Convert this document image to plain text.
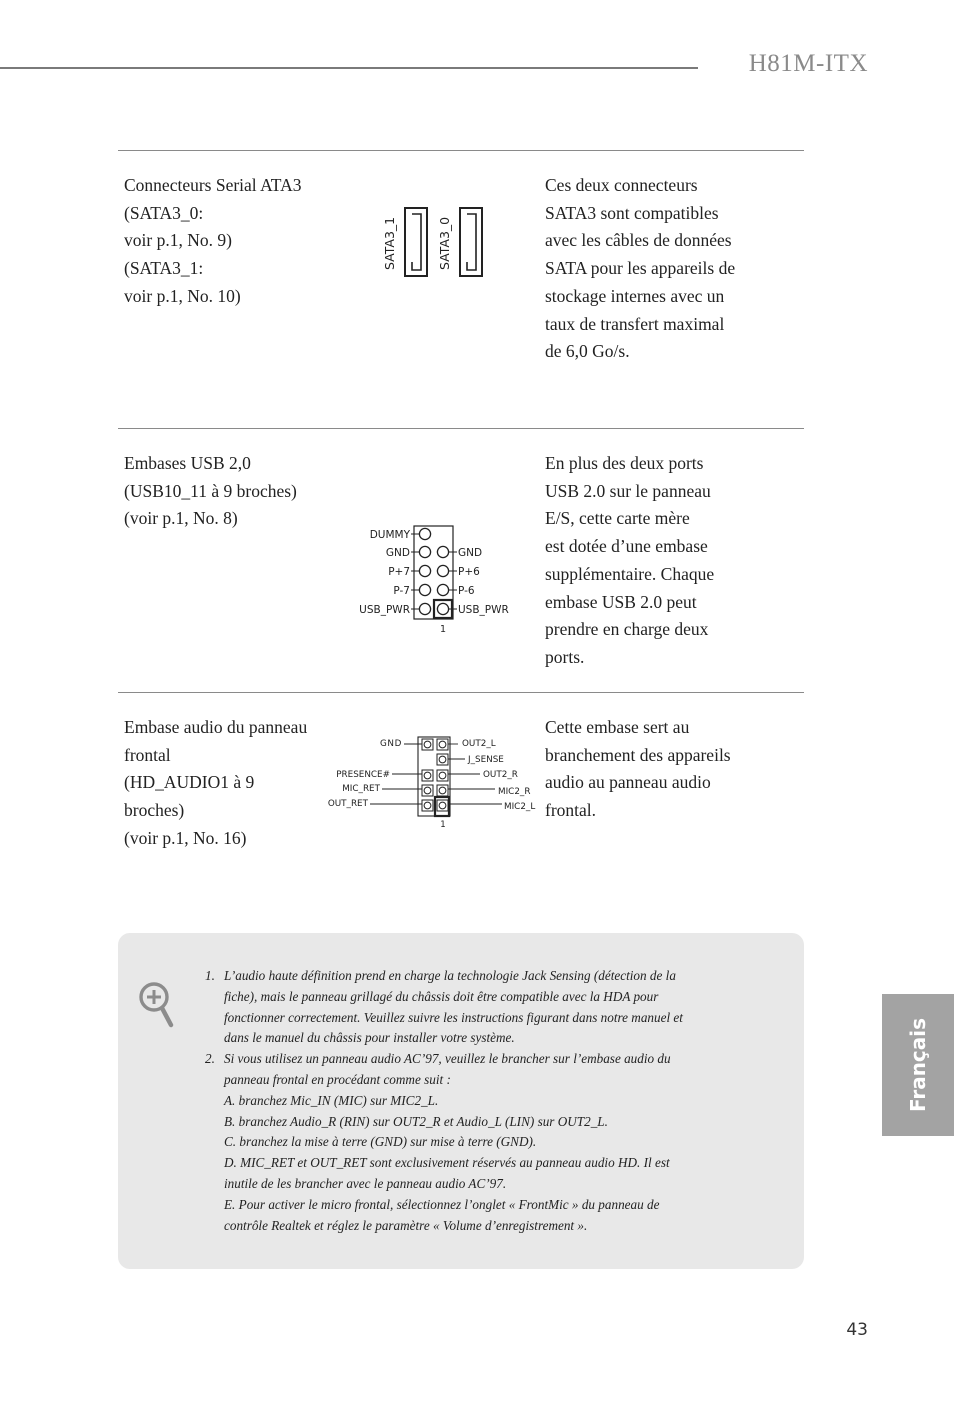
H81M-ITX
Connecteurs Serial ATA3
(SATA3_0:
voir p.1, No. 9)
(SATA3_1:
voir p.1, No. 10)
Ces deux connecteurs
SATA3 sont compatibles
avec les câbles de données
SATA pour les appareils de
stockage internes avec un
taux de transfert maximal
de 6,0 Go/s.
SATA3_1	SATA3_0
Embases USB 2,0
(USB10_11 à 9 broches)
(voir p.1, No. 8)
En plus des deux ports
USB 2.0 sur le panneau
E/S, cette carte mère
est dotée d’une embase
supplémentaire. Chaque
embase USB 2.0 peut
prendre en charge deux
ports.
DUMMY
GND
P+7
P-7
USB_PWR
GND
P+6
P-6
USB_PWR
1
Embase audio du panneau
frontal
(HD_AUDIO1 à 9
broches)
(voir p.1, No. 16)
Cette embase sert au
branchement des appareils
audio au panneau audio
frontal.
GND
PRESENCE#
MIC_RET
OUT_RET
OUT2_L
J_SENSE
OUT2_R
MIC2_R
MIC2_L
1
1. L’audio haute définition prend en charge la technologie Jack Sensing (détection de la
fiche), mais le panneau grillagé du châssis doit être compatible avec la HDA pour
fonctionner correctement. Veuillez suivre les instructions figurant dans notre manuel et
dans le manuel du châssis pour installer votre système.
2. Si vous utilisez un panneau audio AC’97, veuillez le brancher sur l’embase audio du
panneau frontal en procédant comme suit :
A. branchez Mic_IN (MIC) sur MIC2_L.
B. branchez Audio_R (RIN) sur OUT2_R et Audio_L (LIN) sur OUT2_L.
C. branchez la mise à terre (GND) sur mise à terre (GND).
D. MIC_RET et OUT_RET sont exclusivement réservés au panneau audio HD. Il est
inutile de les brancher avec le panneau audio AC’97.
E. Pour activer le micro frontal, sélectionnez l’onglet « FrontMic » du panneau de
contrôle Realtek et réglez le paramètre « Volume d’enregistrement ».
Français
43
